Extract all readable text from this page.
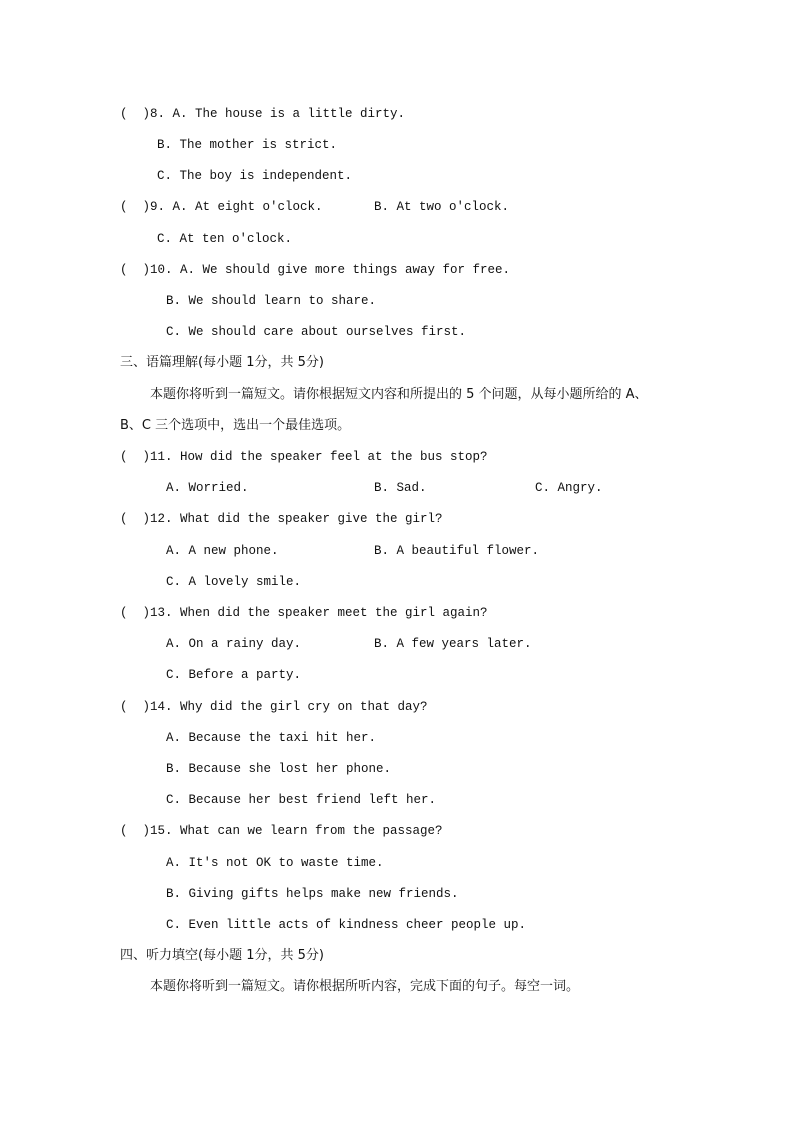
(  )8. A. The house is a little dirty.
B. The mother is strict.
C. The boy is independent.
(  )9. A. At eight o'clock.	B. At two o'clock.
C. At ten o'clock.
(  )10. A. We should give more things away for free.
B. We should learn to share.
C. We should care about ourselves first.
三、语篇理解(每小题 1分，共 5分)
本题你将听到一篇短文。请你根据短文内容和所提出的 5 个问题，从每小题所给的 A、
B、C 三个选项中，选出一个最佳选项。
(  )11. How did the speaker feel at the bus stop?
A. Worried.	B. Sad.	C. Angry.
(  )12. What did the speaker give the girl?
A. A new phone.	B. A beautiful flower.
C. A lovely smile.
(  )13. When did the speaker meet the girl again?
A. On a rainy day.	B. A few years later.
C. Before a party.
(  )14. Why did the girl cry on that day?
A. Because the taxi hit her.
B. Because she lost her phone.
C. Because her best friend left her.
(  )15. What can we learn from the passage?
A. It's not OK to waste time.
B. Giving gifts helps make new friends.
C. Even little acts of kindness cheer people up.
四、听力填空(每小题 1分，共 5分)
本题你将听到一篇短文。请你根据所听内容，完成下面的句子。每空一词。
